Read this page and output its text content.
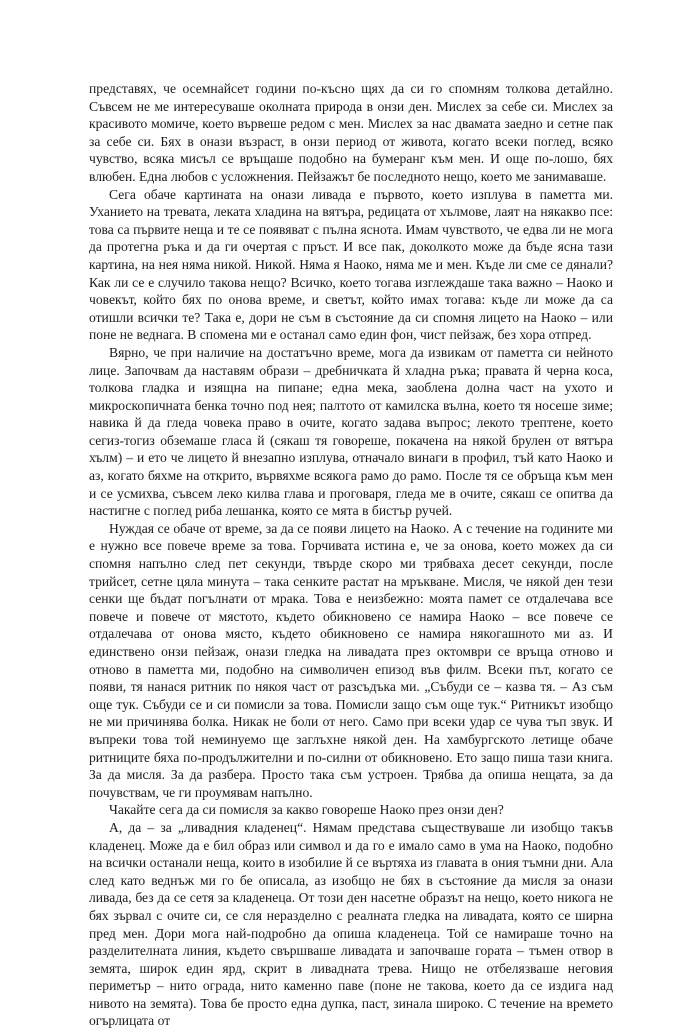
представях, че осемнайсет години по-късно щях да си го спомням толкова детайлно. Съвсем не ме интересуваше околната природа в онзи ден. Мислех за себе си. Мислех за красивото момиче, което вървеше редом с мен. Мислех за нас двамата заедно и сетне пак за себе си. Бях в онази възраст, в онзи период от живота, когато всеки поглед, всяко чувство, всяка мисъл се връщаше подобно на бумеранг към мен. И още по-лошо, бях влюбен. Една любов с усложнения. Пейзажът бе последното нещо, което ме занимаваше.

Сега обаче картината на онази ливада е първото, което изплува в паметта ми. Уханието на тревата, леката хладина на вятъра, редицата от хълмове, лаят на някакво псе: това са първите неща и те се появяват с пълна яснота. Имам чувството, че едва ли не мога да протегна ръка и да ги очертая с пръст. И все пак, доколкото може да бъде ясна тази картина, на нея няма никой. Никой. Няма я Наоко, няма ме и мен. Къде ли сме се дянали? Как ли се е случило такова нещо? Всичко, което тогава изглеждаше така важно – Наоко и човекът, който бях по онова време, и светът, който имах тогава: къде ли може да са отишли всички те? Така е, дори не съм в състояние да си спомня лицето на Наоко – или поне не веднага. В спомена ми е останал само един фон, чист пейзаж, без хора отпред.

Вярно, че при наличие на достатъчно време, мога да извикам от паметта си нейното лице. Започвам да наставям образи – дребничката й хладна ръка; правата й черна коса, толкова гладка и изящна на пипане; една мека, заоблена долна част на ухото и микроскопичната бенка точно под нея; палтото от камилска вълна, което тя носеше зиме; навика й да гледа човека право в очите, когато задава въпрос; лекото трептене, което сегиз-тогиз обземаше гласа й (сякаш тя говореше, покачена на някой брулен от вятъра хълм) – и ето че лицето й внезапно изплува, отначало винаги в профил, тъй като Наоко и аз, когато бяхме на открито, вървяхме всякога рамо до рамо. После тя се обръща към мен и се усмихва, съвсем леко килва глава и проговаря, гледа ме в очите, сякаш се опитва да настигне с поглед риба лешанка, която се мята в бистър ручей.

Нуждая се обаче от време, за да се появи лицето на Наоко. А с течение на годините ми е нужно все повече време за това. Горчивата истина е, че за онова, което можех да си спомня напълно след пет секунди, твърде скоро ми трябваха десет секунди, после трийсет, сетне цяла минута – така сенките растат на мръкване. Мисля, че някой ден тези сенки ще бъдат погълнати от мрака. Това е неизбежно: моята памет се отдалечава все повече и повече от мястото, където обикновено се намира Наоко – все повече се отдалечава от онова място, където обикновено се намира някогашното ми аз. И единствено онзи пейзаж, онази гледка на ливадата през октомври се връща отново и отново в паметта ми, подобно на символичен епизод във филм. Всеки път, когато се появи, тя нанася ритник по някоя част от разсъдъка ми. „Събуди се – казва тя. – Аз съм още тук. Събуди се и си помисли за това. Помисли защо съм още тук.“ Ритникът изобщо не ми причинява болка. Никак не боли от него. Само при всеки удар се чува тъп звук. И въпреки това той неминуемо ще заглъхне някой ден. На хамбургското летище обаче ритниците бяха по-продължителни и по-силни от обикновено. Ето защо пиша тази книга. За да мисля. За да разбера. Просто така съм устроен. Трябва да опиша нещата, за да почувствам, че ги проумявам напълно.

Чакайте сега да си помисля за какво говореше Наоко през онзи ден?

А, да – за „ливадния кладенец“. Нямам представа съществуваше ли изобщо такъв кладенец. Може да е бил образ или символ и да го е имало само в ума на Наоко, подобно на всички останали неща, които в изобилие й се въртяха из главата в ония тъмни дни. Ала след като веднъж ми го бе описала, аз изобщо не бях в състояние да мисля за онази ливада, без да се сетя за кладенеца. От този ден насетне образът на нещо, което никога не бях зървал с очите си, се сля неразделно с реалната гледка на ливадата, която се ширна пред мен. Дори мога най-подробно да опиша кладенеца. Той се намираше точно на разделителната линия, където свършваше ливадата и започваше гората – тъмен отвор в земята, широк един ярд, скрит в ливадната трева. Нищо не отбелязваше неговия периметър – нито ограда, нито каменно паве (поне не такова, което да се издига над нивото на земята). Това бе просто една дупка, паст, зинала широко. С течение на времето огърлицата от
